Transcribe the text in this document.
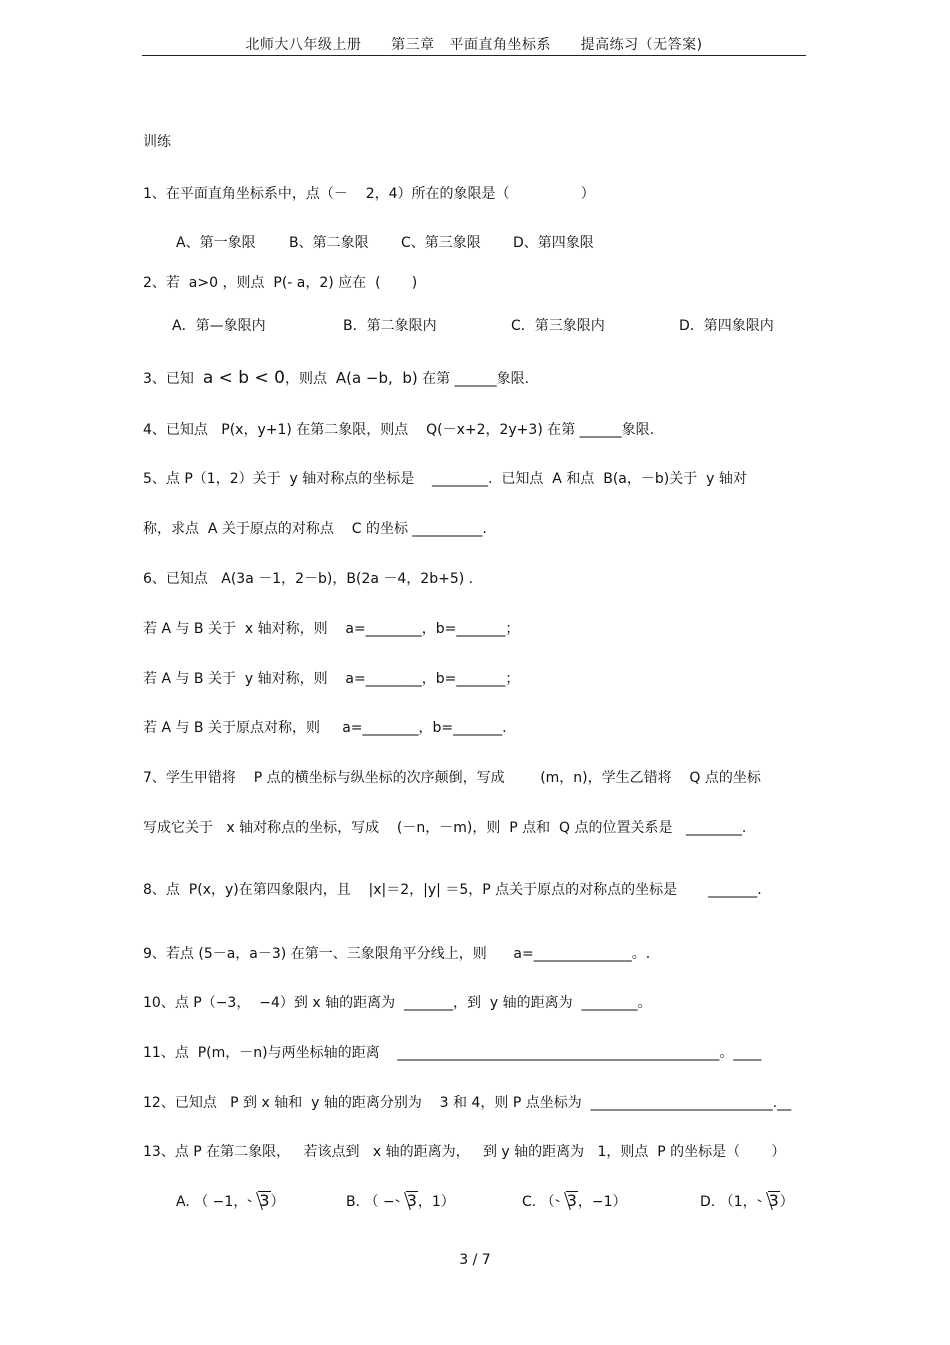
北师大八年级上册      第三章   平面直角坐标系      提高练习（无答案)
训练
1、在平面直角坐标系中，点（－    2，4）所在的象限是（                ）
A、第一象限 B、第二象限 C、第三象限 D、第四象限
2、若  a>0 ，则点  P(- a，2) 应在  (       )
A．第—象限内	B．第二象限内	C．第三象限内	D．第四象限内
3、已知  a < b < 0，则点  A(a −b,  b) 在第 ______象限.
4、已知点   P(x，y+1) 在第二象限，则点    Q(－x+2，2y+3) 在第 ______象限.
5、点 P（1，2）关于  y 轴对称点的坐标是    ________.  已知点  A 和点  B(a，－b)关于  y 轴对
称，求点  A 关于原点的对称点    C 的坐标 __________.
6、已知点   A(3a －1，2－b)，B(2a －4，2b+5) .
若 A 与 B 关于  x 轴对称，则    a=________，b=_______；
若 A 与 B 关于  y 轴对称，则    a=________，b=_______；
若 A 与 B 关于原点对称，则     a=________，b=_______.
7、学生甲错将    P 点的横坐标与纵坐标的次序颠倒，写成        (m，n)，学生乙错将    Q 点的坐标
写成它关于   x 轴对称点的坐标，写成    (－n，－m)，则  P 点和  Q 点的位置关系是   ________.
8、点  P(x，y)在第四象限内，且    |x|＝2，|y| ＝5，P 点关于原点的对称点的坐标是       _______.
9、若点 (5－a，a－3) 在第一、三象限角平分线上，则      a=______________。.
10、点 P（−3，  −4）到 x 轴的距离为  _______，到  y 轴的距离为  ________。
11、点  P(m，－n)与两坐标轴的距离    ______________________________________________。____
12、已知点   P 到 x 轴和  y 轴的距离分别为    3 和 4，则 P 点坐标为  __________________________.__
13、点 P 在第二象限，   若该点到   x 轴的距离为，   到 y 轴的距离为   1，则点  P 的坐标是（       ）
A. （ −1， 3）	B. （ − 3，1）	C. （ 3，−1）	D. （1， 3）
3 / 7
